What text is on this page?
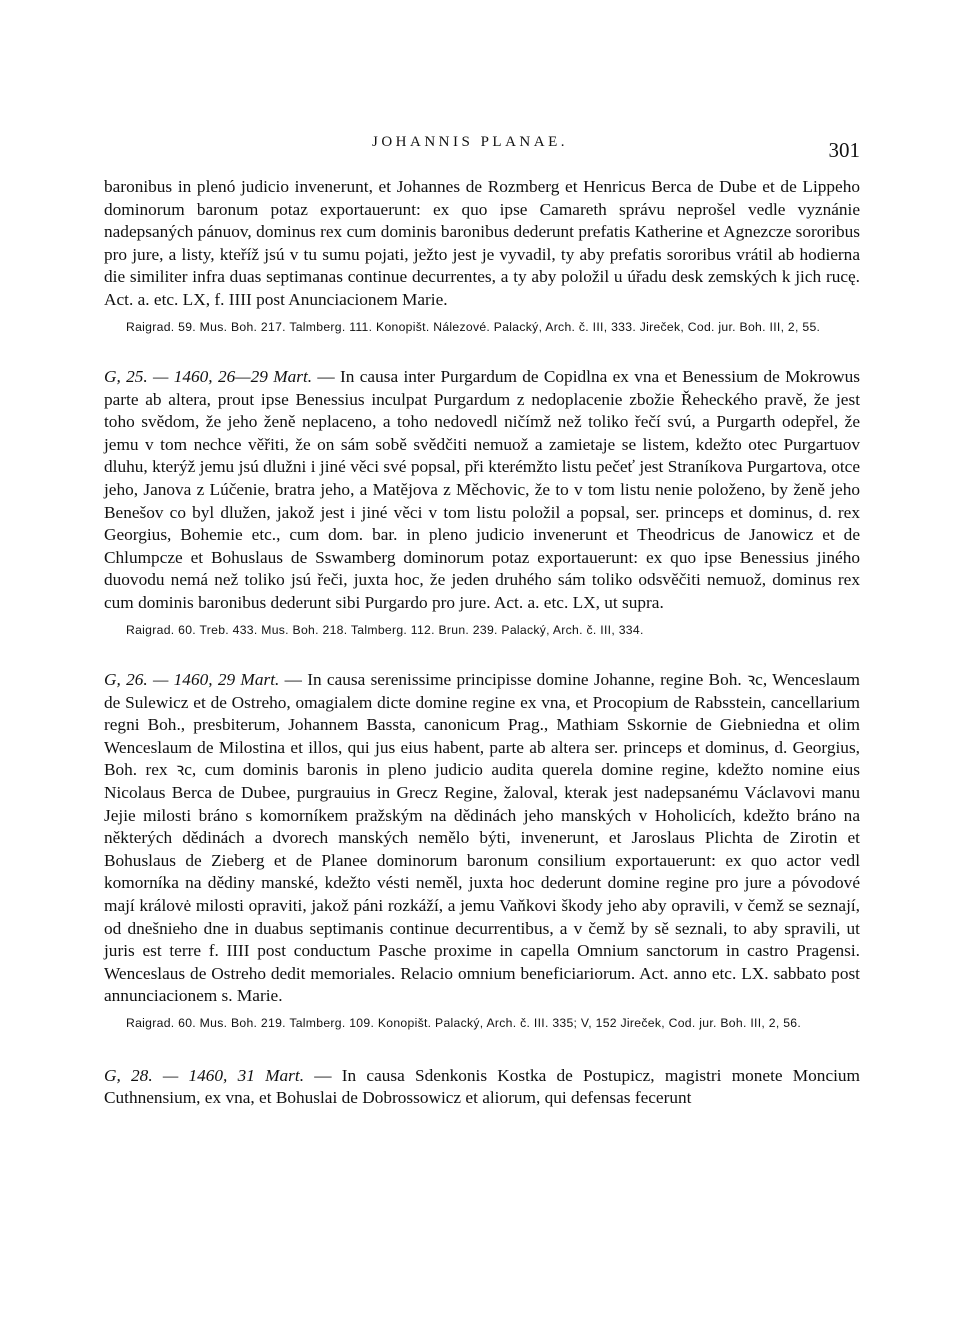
JOHANNIS PLANAE.	301

baronibus in plenó judicio invenerunt, et Johannes de Rozmberg et Henricus Berca de Dube et de Lippeho dominorum baronum potaz exportauerunt: ex quo ipse Camareth správu neprošel vedle vyznánie nadepsaných pánuov, dominus rex cum dominis baronibus dederunt prefatis Katherine et Agnezcze sororibus pro jure, a listy, kteříž jsú v tu sumu pojati, ježto jest je vyvadil, ty aby prefatis sororibus vrátil ab hodierna die similiter infra duas septimanas continue decurrentes, a ty aby položil u úřadu desk zemských k jich rucę. Act. a. etc. LX, f. IIII post Anunciacionem Marie.

Raigrad. 59. Mus. Boh. 217. Talmberg. 111. Konopišt. Nálezové. Palacký, Arch. č. III, 333. Jireček, Cod. jur. Boh. III, 2, 55.

G, 25. — 1460, 26—29 Mart. — In causa inter Purgardum de Copidlna ex vna et Benessium de Mokrowus parte ab altera, prout ipse Benessius inculpat Purgardum z nedoplacenie zbožie Řeheckého pravě, že jest toho svědom, že jeho ženě neplaceno, a toho nedovedl ničímž než toliko řečí svú, a Purgarth odepřel, že jemu v tom nechce věřiti, že on sám sobě svědčiti nemuož a zamietaje se listem, kdežto otec Purgartuov dluhu, kterýž jemu jsú dlužni i jiné věci své popsal, při kterémžto listu pečeť jest Straníkova Purgartova, otce jeho, Janova z Lúčenie, bratra jeho, a Matějova z Měchovic, že to v tom listu nenie položeno, by ženě jeho Benešov co byl dlužen, jakož jest i jiné věci v tom listu položil a popsal, ser. princeps et dominus, d. rex Georgius, Bohemie etc., cum dom. bar. in pleno judicio invenerunt et Theodricus de Janowicz et de Chlumpcze et Bohuslaus de Sswamberg dominorum potaz exportauerunt: ex quo ipse Benessius jiného duovodu nemá než toliko jsú řeči, juxta hoc, že jeden druhého sám toliko odsvěčiti nemuož, dominus rex cum dominis baronibus dederunt sibi Purgardo pro jure. Act. a. etc. LX, ut supra.

Raigrad. 60. Treb. 433. Mus. Boh. 218. Talmberg. 112. Brun. 239. Palacký, Arch. č. III, 334.

G, 26. — 1460, 29 Mart. — In causa serenissime principisse domine Johanne, regine Boh. ꝛc, Wenceslaum de Sulewicz et de Ostreho, omagialem dicte domine regine ex vna, et Procopium de Rabsstein, cancellarium regni Boh., presbiterum, Johannem Bassta, canonicum Prag., Mathiam Sskornie de Giebniedna et olim Wenceslaum de Milostina et illos, qui jus eius habent, parte ab altera ser. princeps et dominus, d. Georgius, Boh. rex ꝛc, cum dominis baronis in pleno judicio audita querela domine regine, kdežto nomine eius Nicolaus Berca de Dubee, purgrauius in Grecz Regine, žaloval, kterak jest nadepsanému Václavovi manu Jejie milosti bráno s komorníkem pražským na dědinách jeho manských v Hoholicích, kdežto bráno na některých dědinách a dvorech manských nemělo býti, invenerunt, et Jaroslaus Plichta de Zirotin et Bohuslaus de Zieberg et de Planee dominorum baronum consilium exportauerunt: ex quo actor vedl komorníka na dědiny manské, kdežto vésti neměl, juxta hoc dederunt domine regine pro jure a póvodové mají královė milosti opraviti, jakož páni rozkáží, a jemu Vaňkovi škody jeho aby opravili, v čemž se seznají, od dnešnieho dne in duabus septimanis continue decurrentibus, a v čemž by sě seznali, to aby spravili, ut juris est terre f. IIII post conductum Pasche proxime in capella Omnium sanctorum in castro Pragensi. Wenceslaus de Ostreho dedit memoriales. Relacio omnium beneficiariorum. Act. anno etc. LX. sabbato post annunciacionem s. Marie.

Raigrad. 60. Mus. Boh. 219. Talmberg. 109. Konopišt. Palacký, Arch. č. III. 335; V, 152 Jireček, Cod. jur. Boh. III, 2, 56.

G, 28. — 1460, 31 Mart. — In causa Sdenkonis Kostka de Postupicz, magistri monete Moncium Cuthnensium, ex vna, et Bohuslai de Dobrossowicz et aliorum, qui defensas fecerunt
